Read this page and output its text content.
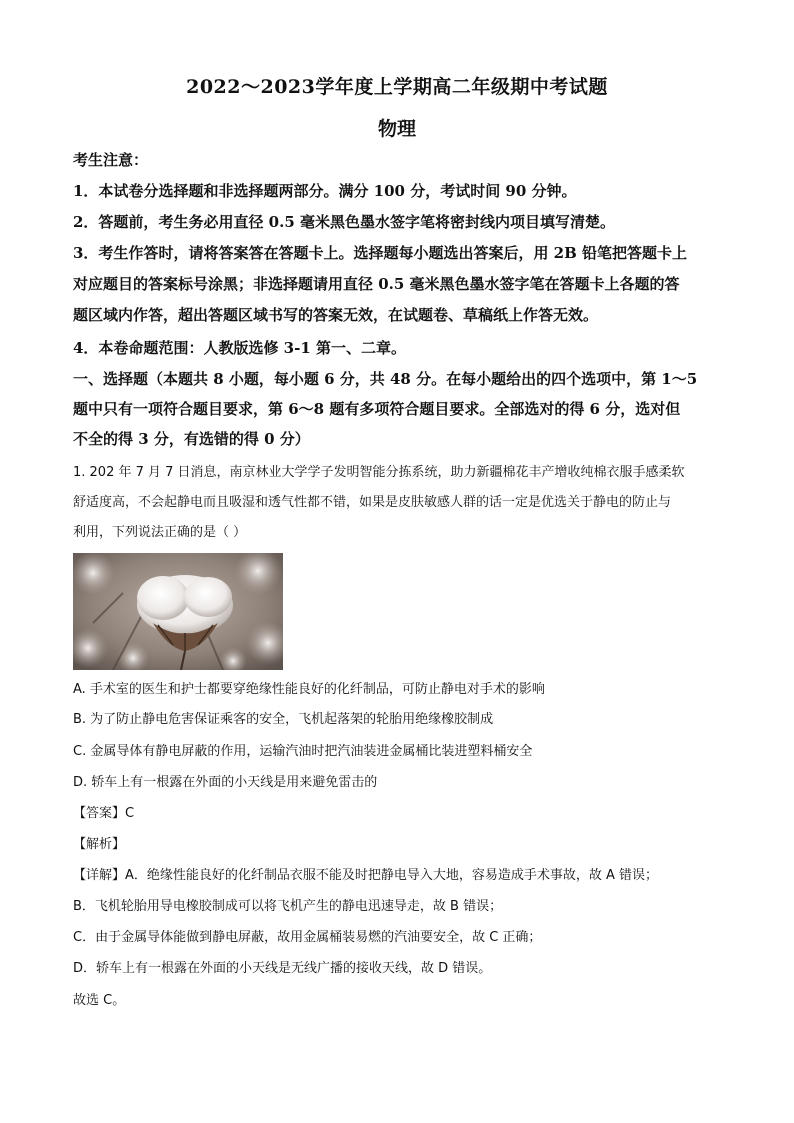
2022～2023学年度上学期高二年级期中考试题
物理
考生注意：
1．本试卷分选择题和非选择题两部分。满分 100 分，考试时间 90 分钟。
2．答题前，考生务必用直径 0.5 毫米黑色墨水签字笔将密封线内项目填写清楚。
3．考生作答时，请将答案答在答题卡上。选择题每小题选出答案后，用 2B 铅笔把答题卡上
对应题目的答案标号涂黑；非选择题请用直径 0.5 毫米黑色墨水签字笔在答题卡上各题的答
题区域内作答，超出答题区域书写的答案无效，在试题卷、草稿纸上作答无效。
4．本卷命题范围：人教版选修 3-1 第一、二章。
一、选择题（本题共 8 小题，每小题 6 分，共 48 分。在每小题给出的四个选项中，第 1～5
题中只有一项符合题目要求，第 6～8 题有多项符合题目要求。全部选对的得 6 分，选对但
不全的得 3 分，有选错的得 0 分）
1. 202 年 7 月 7 日消息，南京林业大学学子发明智能分拣系统，助力新疆棉花丰产增收纯棉衣服手感柔软
舒适度高，不会起静电而且吸湿和透气性都不错，如果是皮肤敏感人群的话一定是优选关于静电的防止与
利用，下列说法正确的是（ ）
A. 手术室的医生和护士都要穿绝缘性能良好的化纤制品，可防止静电对手术的影响
B. 为了防止静电危害保证乘客的安全，飞机起落架的轮胎用绝缘橡胶制成
C. 金属导体有静电屏蔽的作用，运输汽油时把汽油装进金属桶比装进塑料桶安全
D. 轿车上有一根露在外面的小天线是用来避免雷击的
【答案】C
【解析】
【详解】A．绝缘性能良好的化纤制品衣服不能及时把静电导入大地，容易造成手术事故，故 A 错误；
B．飞机轮胎用导电橡胶制成可以将飞机产生的静电迅速导走，故 B 错误；
C．由于金属导体能做到静电屏蔽，故用金属桶装易燃的汽油要安全，故 C 正确；
D．轿车上有一根露在外面的小天线是无线广播的接收天线，故 D 错误。
故选 C。
